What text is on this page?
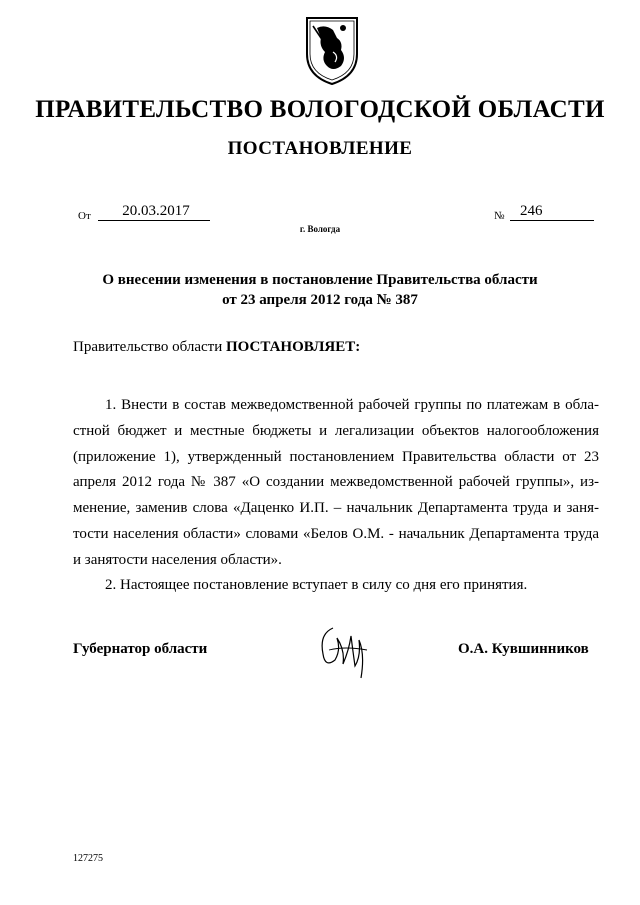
ПРАВИТЕЛЬСТВО ВОЛОГОДСКОЙ ОБЛАСТИ
ПОСТАНОВЛЕНИЕ
От	20.03.2017	№	246
г. Вологда
О внесении изменения в постановление Правительства области
от 23 апреля 2012 года № 387
Правительство области ПОСТАНОВЛЯЕТ:
1. Внести в состав межведомственной рабочей группы по платежам в обла-
стной бюджет и местные бюджеты и легализации объектов налогообложения
(приложение 1), утвержденный постановлением Правительства области от 23
апреля 2012 года № 387 «О создании межведомственной рабочей группы», из-
менение, заменив слова «Даценко И.П. – начальник Департамента труда и заня-
тости населения области» словами «Белов О.М. - начальник Департамента труда
и занятости населения области».
2. Настоящее постановление вступает в силу со дня его принятия.
Губернатор области	О.А. Кувшинников
127275
